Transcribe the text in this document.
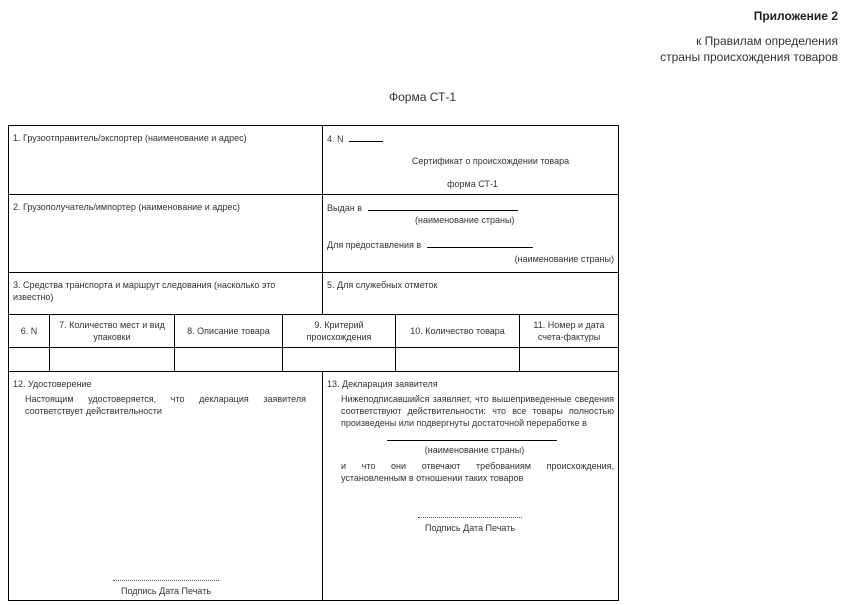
Приложение 2
к Правилам определения
страны происхождения товаров
Форма СТ-1
1. Грузоотправитель/экспортер (наименование и адрес)	4. N
Сертификат о происхождении товара
форма СТ-1
2. Грузополучатель/импортер (наименование и адрес)	Выдан в
(наименование страны)
Для предоставления в
(наименование страны)
3. Средства транспорта и маршрут следования (насколько это известно)
5. Для служебных отметок
6. N
7. Количество мест и вид упаковки
8. Описание товара
9. Критерий происхождения
10. Количество товара
11. Номер и дата счета-фактуры
12. Удостоверение
Настоящим удостоверяется, что декларация заявителя соответствует действительности
Подпись Дата Печать
13. Декларация заявителя
Нижеподписавшийся заявляет, что вышеприведенные сведения соответствуют действительности: что все товары полностью произведены или подвергнуты достаточной переработке в
(наименование страны)
и что они отвечают требованиям происхождения, установленным в отношении таких товаров
Подпись Дата Печать
